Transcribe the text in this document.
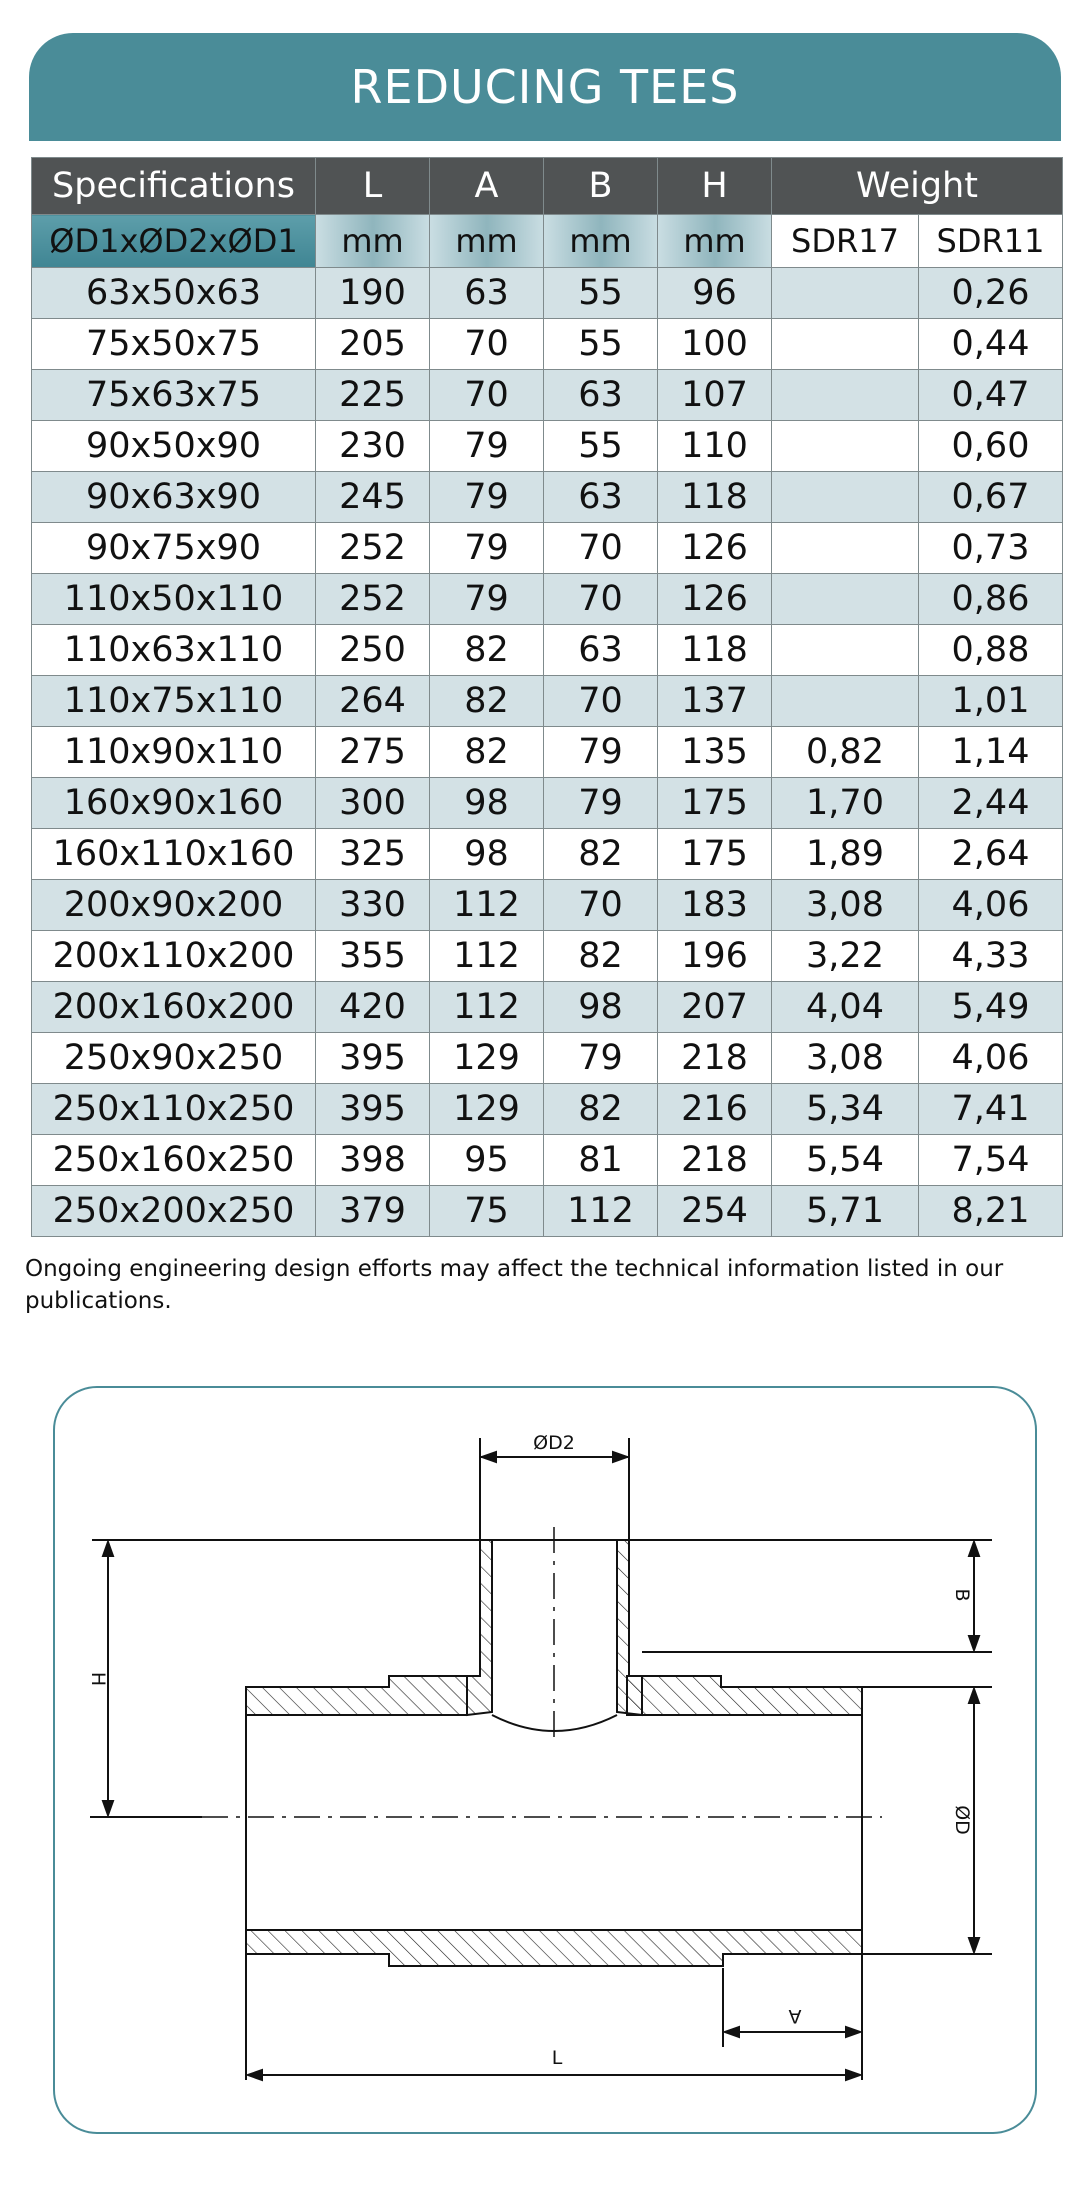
REDUCING TEES
Specifications	L	A	B	H	Weight	
ØD1xØD2xØD1	mm	mm	mm	mm	SDR17	SDR11
63x50x63	190	63	55	96		0,26
75x50x75	205	70	55	100		0,44
75x63x75	225	70	63	107		0,47
90x50x90	230	79	55	110		0,60
90x63x90	245	79	63	118		0,67
90x75x90	252	79	70	126		0,73
110x50x110	252	79	70	126		0,86
110x63x110	250	82	63	118		0,88
110x75x110	264	82	70	137		1,01
110x90x110	275	82	79	135	0,82	1,14
160x90x160	300	98	79	175	1,70	2,44
160x110x160	325	98	82	175	1,89	2,64
200x90x200	330	112	70	183	3,08	4,06
200x110x200	355	112	82	196	3,22	4,33
200x160x200	420	112	98	207	4,04	5,49
250x90x250	395	129	79	218	3,08	4,06
250x110x250	395	129	82	216	5,34	7,41
250x160x250	398	95	81	218	5,54	7,54
250x200x250	379	75	112	254	5,71	8,21
Ongoing engineering design efforts may affect the technical information listed in our publications.
ØD2
L
A
H
B
ØD
